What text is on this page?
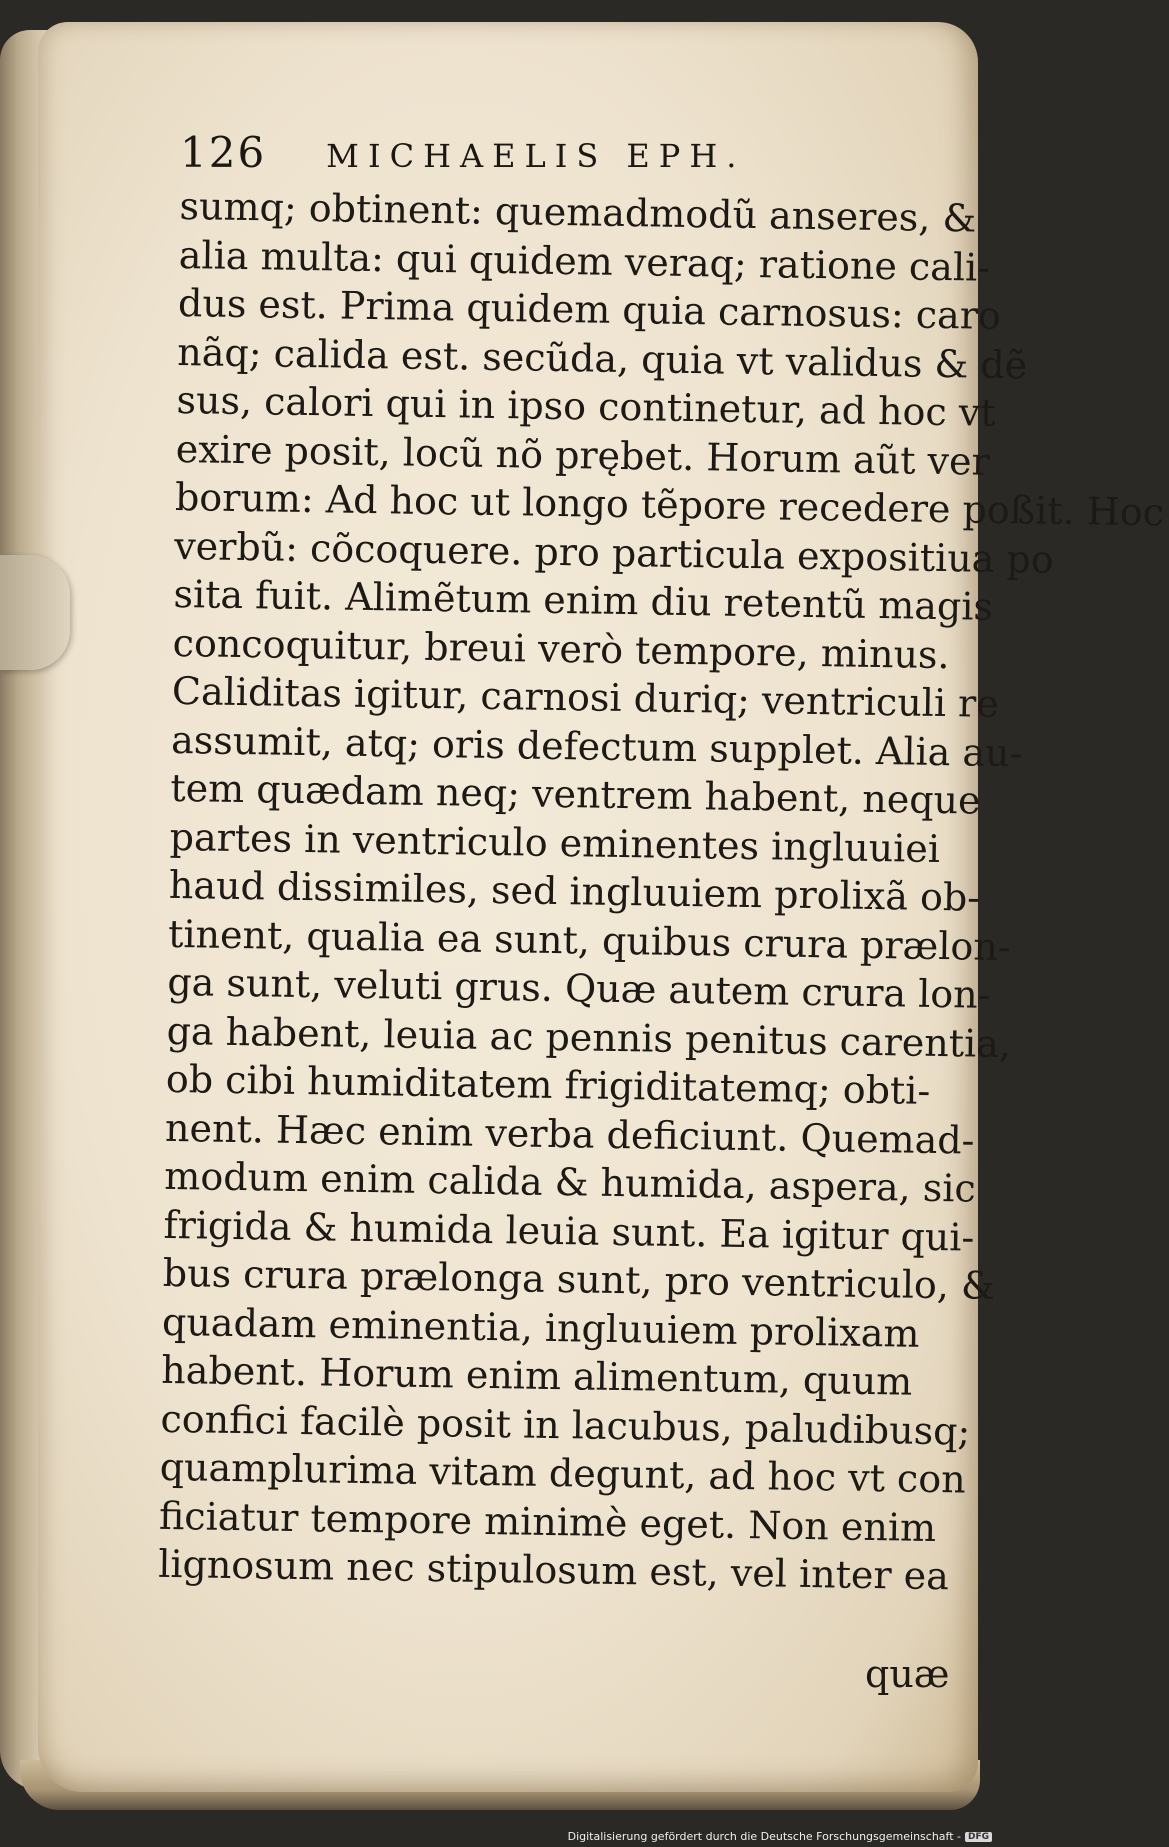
126 MICHAELIS EPH.
sumq; obtinent: quemadmodũ anseres, &
alia multa: qui quidem veraq; ratione cali-
dus est. Prima quidem quia carnosus: caro
nãq; calida est. secũda, quia vt validus & dẽ
sus, calori qui in ipso continetur, ad hoc vt
exire posit, locũ nõ prębet. Horum aũt ver
borum: Ad hoc ut longo tẽpore recedere poßit. Hoc
verbũ: cõcoquere. pro particula expositiua po
sita fuit. Alimẽtum enim diu retentũ magis
concoquitur, breui verò tempore, minus.
Caliditas igitur, carnosi duriq; ventriculi re
assumit, atq; oris defectum supplet. Alia au-
tem quædam neq; ventrem habent, neque
partes in ventriculo eminentes ingluuiei
haud dissimiles, sed ingluuiem prolixã ob-
tinent, qualia ea sunt, quibus crura prælon-
ga sunt, veluti grus. Quæ autem crura lon-
ga habent, leuia ac pennis penitus carentia,
ob cibi humiditatem frigiditatemq; obti-
nent. Hæc enim verba deficiunt. Quemad-
modum enim calida & humida, aspera, sic
frigida & humida leuia sunt. Ea igitur qui-
bus crura prælonga sunt, pro ventriculo, &
quadam eminentia, ingluuiem prolixam
habent. Horum enim alimentum, quum
confici facilè posit in lacubus, paludibusq;
quamplurima vitam degunt, ad hoc vt con
ficiatur tempore minimè eget. Non enim
lignosum nec stipulosum est, vel inter ea
quæ
Digitalisierung gefördert durch die Deutsche Forschungsgemeinschaft - DFG
